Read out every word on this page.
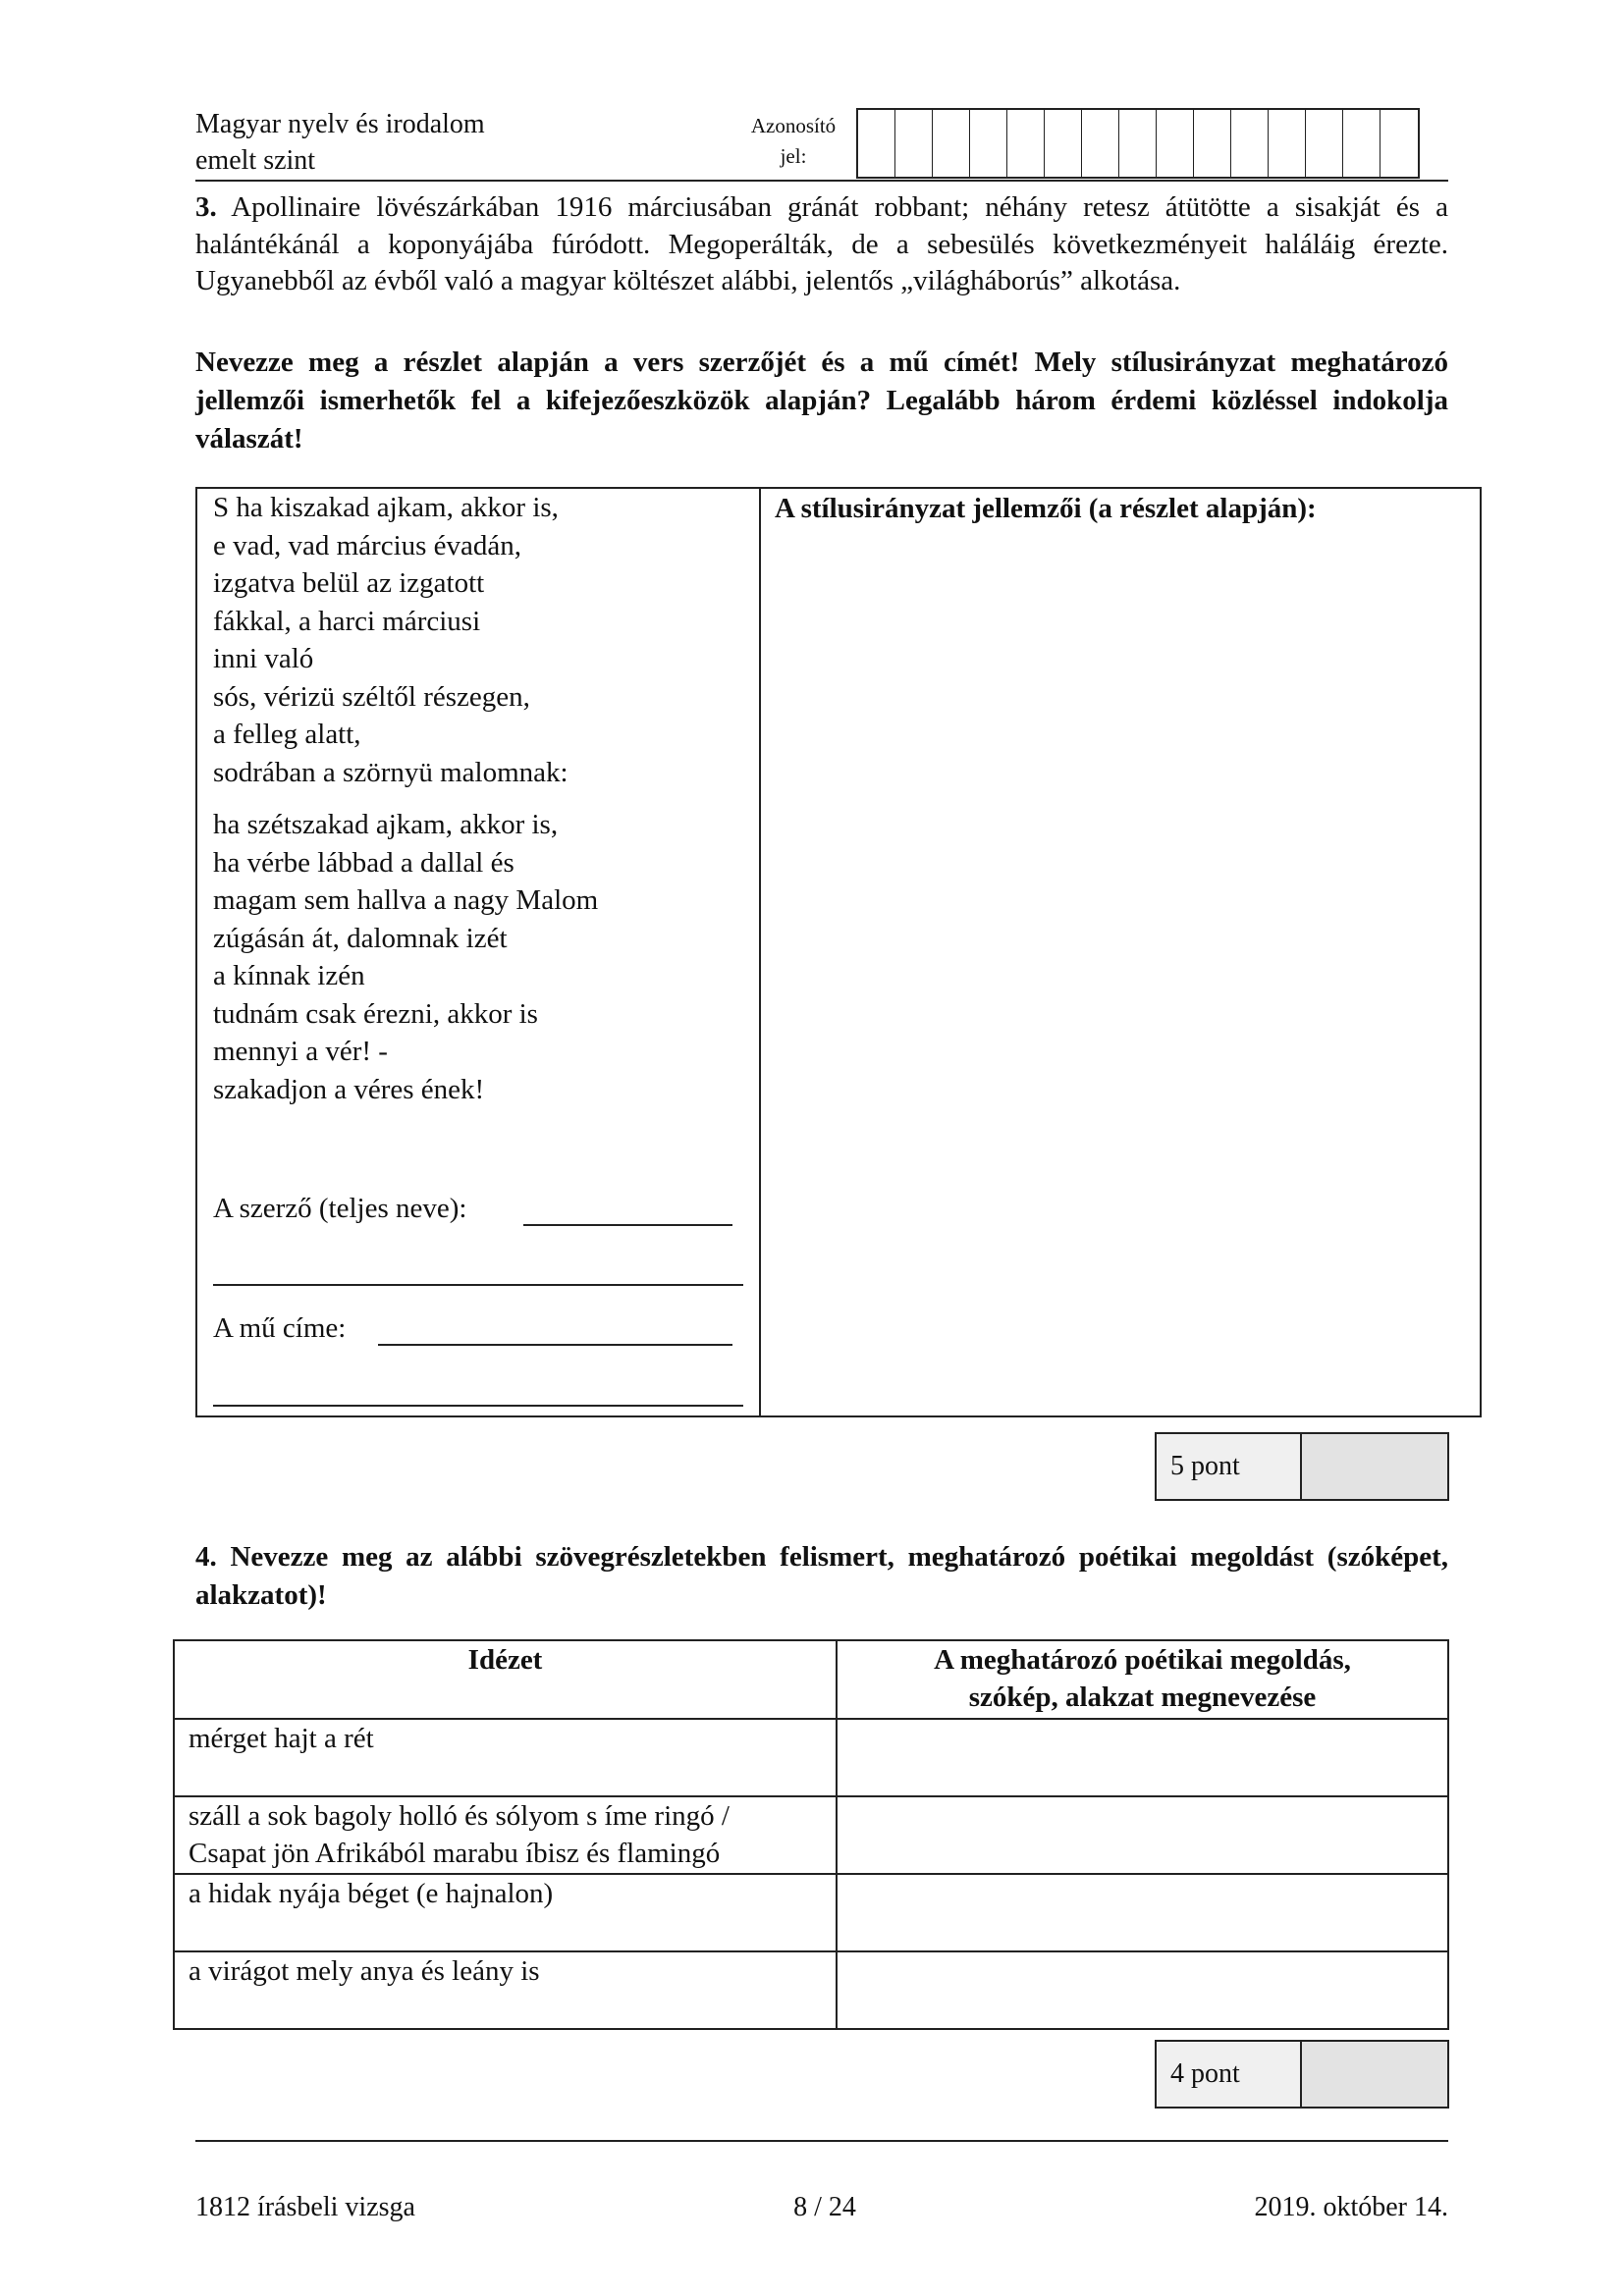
Magyar nyelv és irodalom
emelt szint
Azonosító
jel:
3. Apollinaire lövészárkában 1916 márciusában gránát robbant; néhány retesz átütötte a sisakját és a halántékánál a koponyájába fúródott. Megoperálták, de a sebesülés következményeit haláláig érezte. Ugyanebből az évből való a magyar költészet alábbi, jelentős „világháborús” alkotása.
Nevezze meg a részlet alapján a vers szerzőjét és a mű címét! Mely stílusirányzat meghatározó jellemzői ismerhetők fel a kifejezőeszközök alapján? Legalább három érdemi közléssel indokolja válaszát!
S ha kiszakad ajkam, akkor is,
e vad, vad március évadán,
izgatva belül az izgatott
fákkal, a harci márciusi
inni való
sós, vérizü széltől részegen,
a felleg alatt,
sodrában a szörnyü malomnak:
ha szétszakad ajkam, akkor is,
ha vérbe lábbad a dallal és
magam sem hallva a nagy Malom
zúgásán át, dalomnak izét
a kínnak izén
tudnám csak érezni, akkor is
mennyi a vér! -
szakadjon a véres ének!
A szerző (teljes neve):
A mű címe:
A stílusirányzat jellemzői (a részlet alapján):
5 pont
4. Nevezze meg az alábbi szövegrészletekben felismert, meghatározó poétikai megoldást (szóképet, alakzatot)!
Idézet	A meghatározó poétikai megoldás,
szókép, alakzat megnevezése

mérget hajt a rét	

száll a sok bagoly holló és sólyom s íme ringó /
Csapat jön Afrikából marabu íbisz és flamingó	

a hidak nyája béget (e hajnalon)	

a virágot mely anya és leány is	

4 pont
1812 írásbeli vizsga	8 / 24	2019. október 14.
